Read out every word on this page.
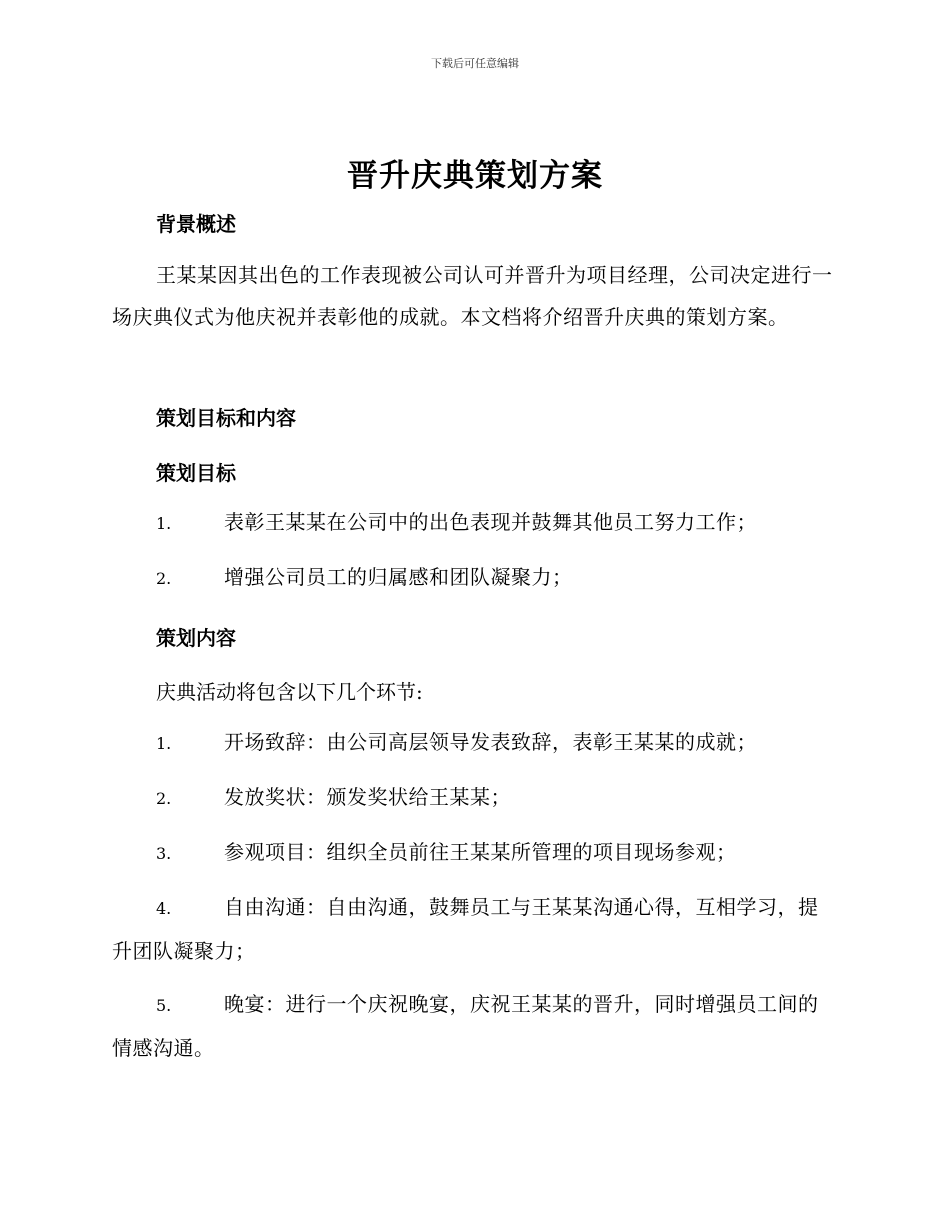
下载后可任意编辑
晋升庆典策划方案
背景概述
王某某因其出色的工作表现被公司认可并晋升为项目经理，公司决定进行一场庆典仪式为他庆祝并表彰他的成就。本文档将介绍晋升庆典的策划方案。
策划目标和内容
策划目标
1.	表彰王某某在公司中的出色表现并鼓舞其他员工努力工作；
2.	增强公司员工的归属感和团队凝聚力；
策划内容
庆典活动将包含以下几个环节:
1.	开场致辞：由公司高层领导发表致辞，表彰王某某的成就；
2.	发放奖状：颁发奖状给王某某；
3.	参观项目：组织全员前往王某某所管理的项目现场参观；
4.	自由沟通：自由沟通，鼓舞员工与王某某沟通心得，互相学习，提升团队凝聚力；
5.	晚宴：进行一个庆祝晚宴，庆祝王某某的晋升，同时增强员工间的情感沟通。
